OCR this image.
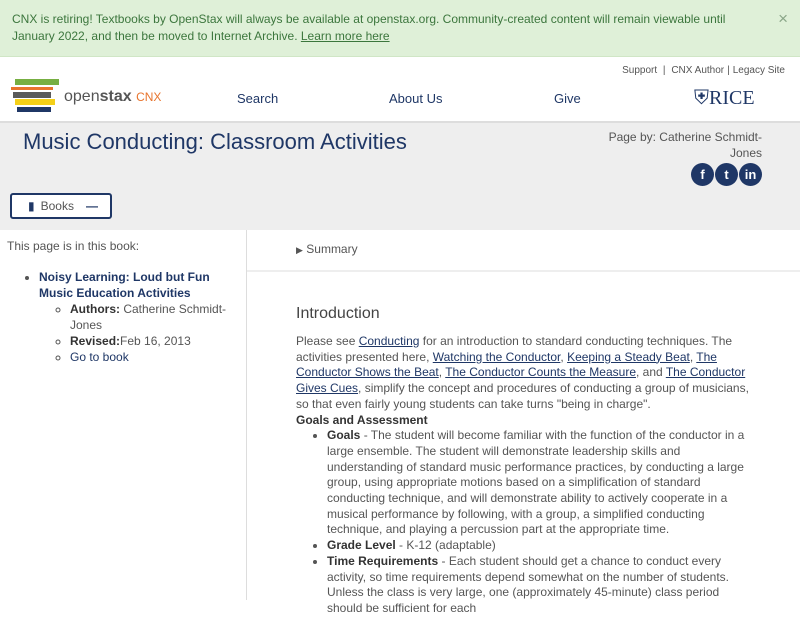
CNX is retiring! Textbooks by OpenStax will always be available at openstax.org. Community-created content will remain viewable until January 2022, and then be moved to Internet Archive. Learn more here
×
Support | CNX Author | Legacy Site
openstax CNX	Search	About Us	Give	⛨RICE
Music Conducting: Classroom Activities	Page by: Catherine Schmidt-Jones
f	t	in
▮ Books —
This page is in this book:
• Noisy Learning: Loud but Fun Music Education Activities
◦ Authors: Catherine Schmidt-Jones
◦ Revised:Feb 16, 2013
◦ Go to book
▶ Summary
Introduction

Please see Conducting for an introduction to standard conducting techniques. The activities presented here, Watching the Conductor, Keeping a Steady Beat, The Conductor Shows the Beat, The Conductor Counts the Measure, and The Conductor Gives Cues, simplify the concept and procedures of conducting a group of musicians, so that even fairly young students can take turns "being in charge".

Goals and Assessment
• Goals - The student will become familiar with the function of the conductor in a large ensemble. The student will demonstrate leadership skills and understanding of standard music performance practices, by conducting a large group, using appropriate motions based on a simplification of standard conducting technique, and will demonstrate ability to actively cooperate in a musical performance by following, with a group, a simplified conducting technique, and playing a percussion part at the appropriate time.
• Grade Level - K-12 (adaptable)
• Time Requirements - Each student should get a chance to conduct every activity, so time requirements depend somewhat on the number of students. Unless the class is very large, one (approximately 45-minute) class period should be sufficient for each
